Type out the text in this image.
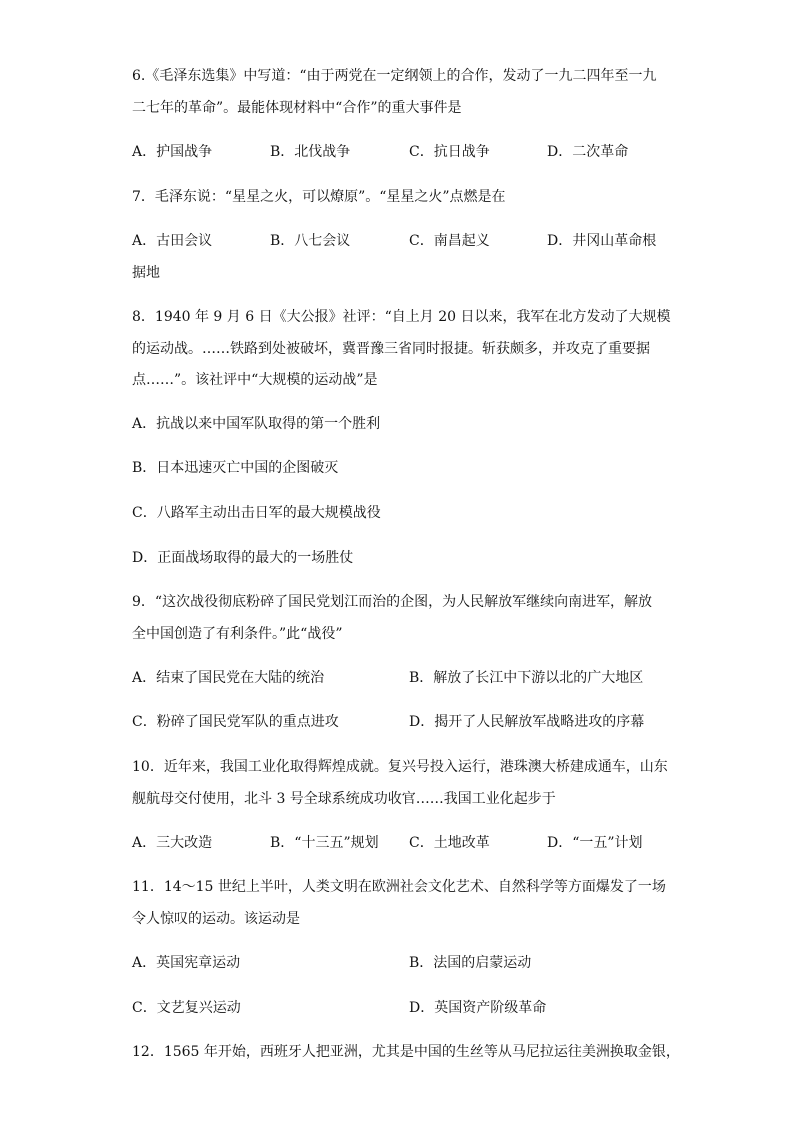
6.《毛泽东选集》中写道：“由于两党在一定纲领上的合作，发动了一九二四年至一九
二七年的革命”。最能体现材料中“合作”的重大事件是
A．护国战争	B．北伐战争	C．抗日战争	D．二次革命
7．毛泽东说：“星星之火，可以燎原”。“星星之火”点燃是在
A．古田会议	B．八七会议	C．南昌起义	D．井冈山革命根
据地
8．1940 年 9 月 6 日《大公报》社评：“自上月 20 日以来，我军在北方发动了大规模
的运动战。……铁路到处被破坏，冀晋豫三省同时报捷。斩获颇多，并攻克了重要据
点……”。该社评中“大规模的运动战”是
A．抗战以来中国军队取得的第一个胜利
B．日本迅速灭亡中国的企图破灭
C．八路军主动出击日军的最大规模战役
D．正面战场取得的最大的一场胜仗
9．“这次战役彻底粉碎了国民党划江而治的企图，为人民解放军继续向南进军，解放
全中国创造了有利条件。”此“战役”
A．结束了国民党在大陆的统治	B．解放了长江中下游以北的广大地区
C．粉碎了国民党军队的重点进攻	D．揭开了人民解放军战略进攻的序幕
10．近年来，我国工业化取得辉煌成就。复兴号投入运行，港珠澳大桥建成通车，山东
舰航母交付使用，北斗 3 号全球系统成功收官……我国工业化起步于
A．三大改造	B．“十三五”规划 C．土地改革	D．“一五”计划
11．14～15 世纪上半叶，人类文明在欧洲社会文化艺术、自然科学等方面爆发了一场
令人惊叹的运动。该运动是
A．英国宪章运动	B．法国的启蒙运动
C．文艺复兴运动	D．英国资产阶级革命
12．1565 年开始，西班牙人把亚洲，尤其是中国的生丝等从马尼拉运往美洲换取金银，
